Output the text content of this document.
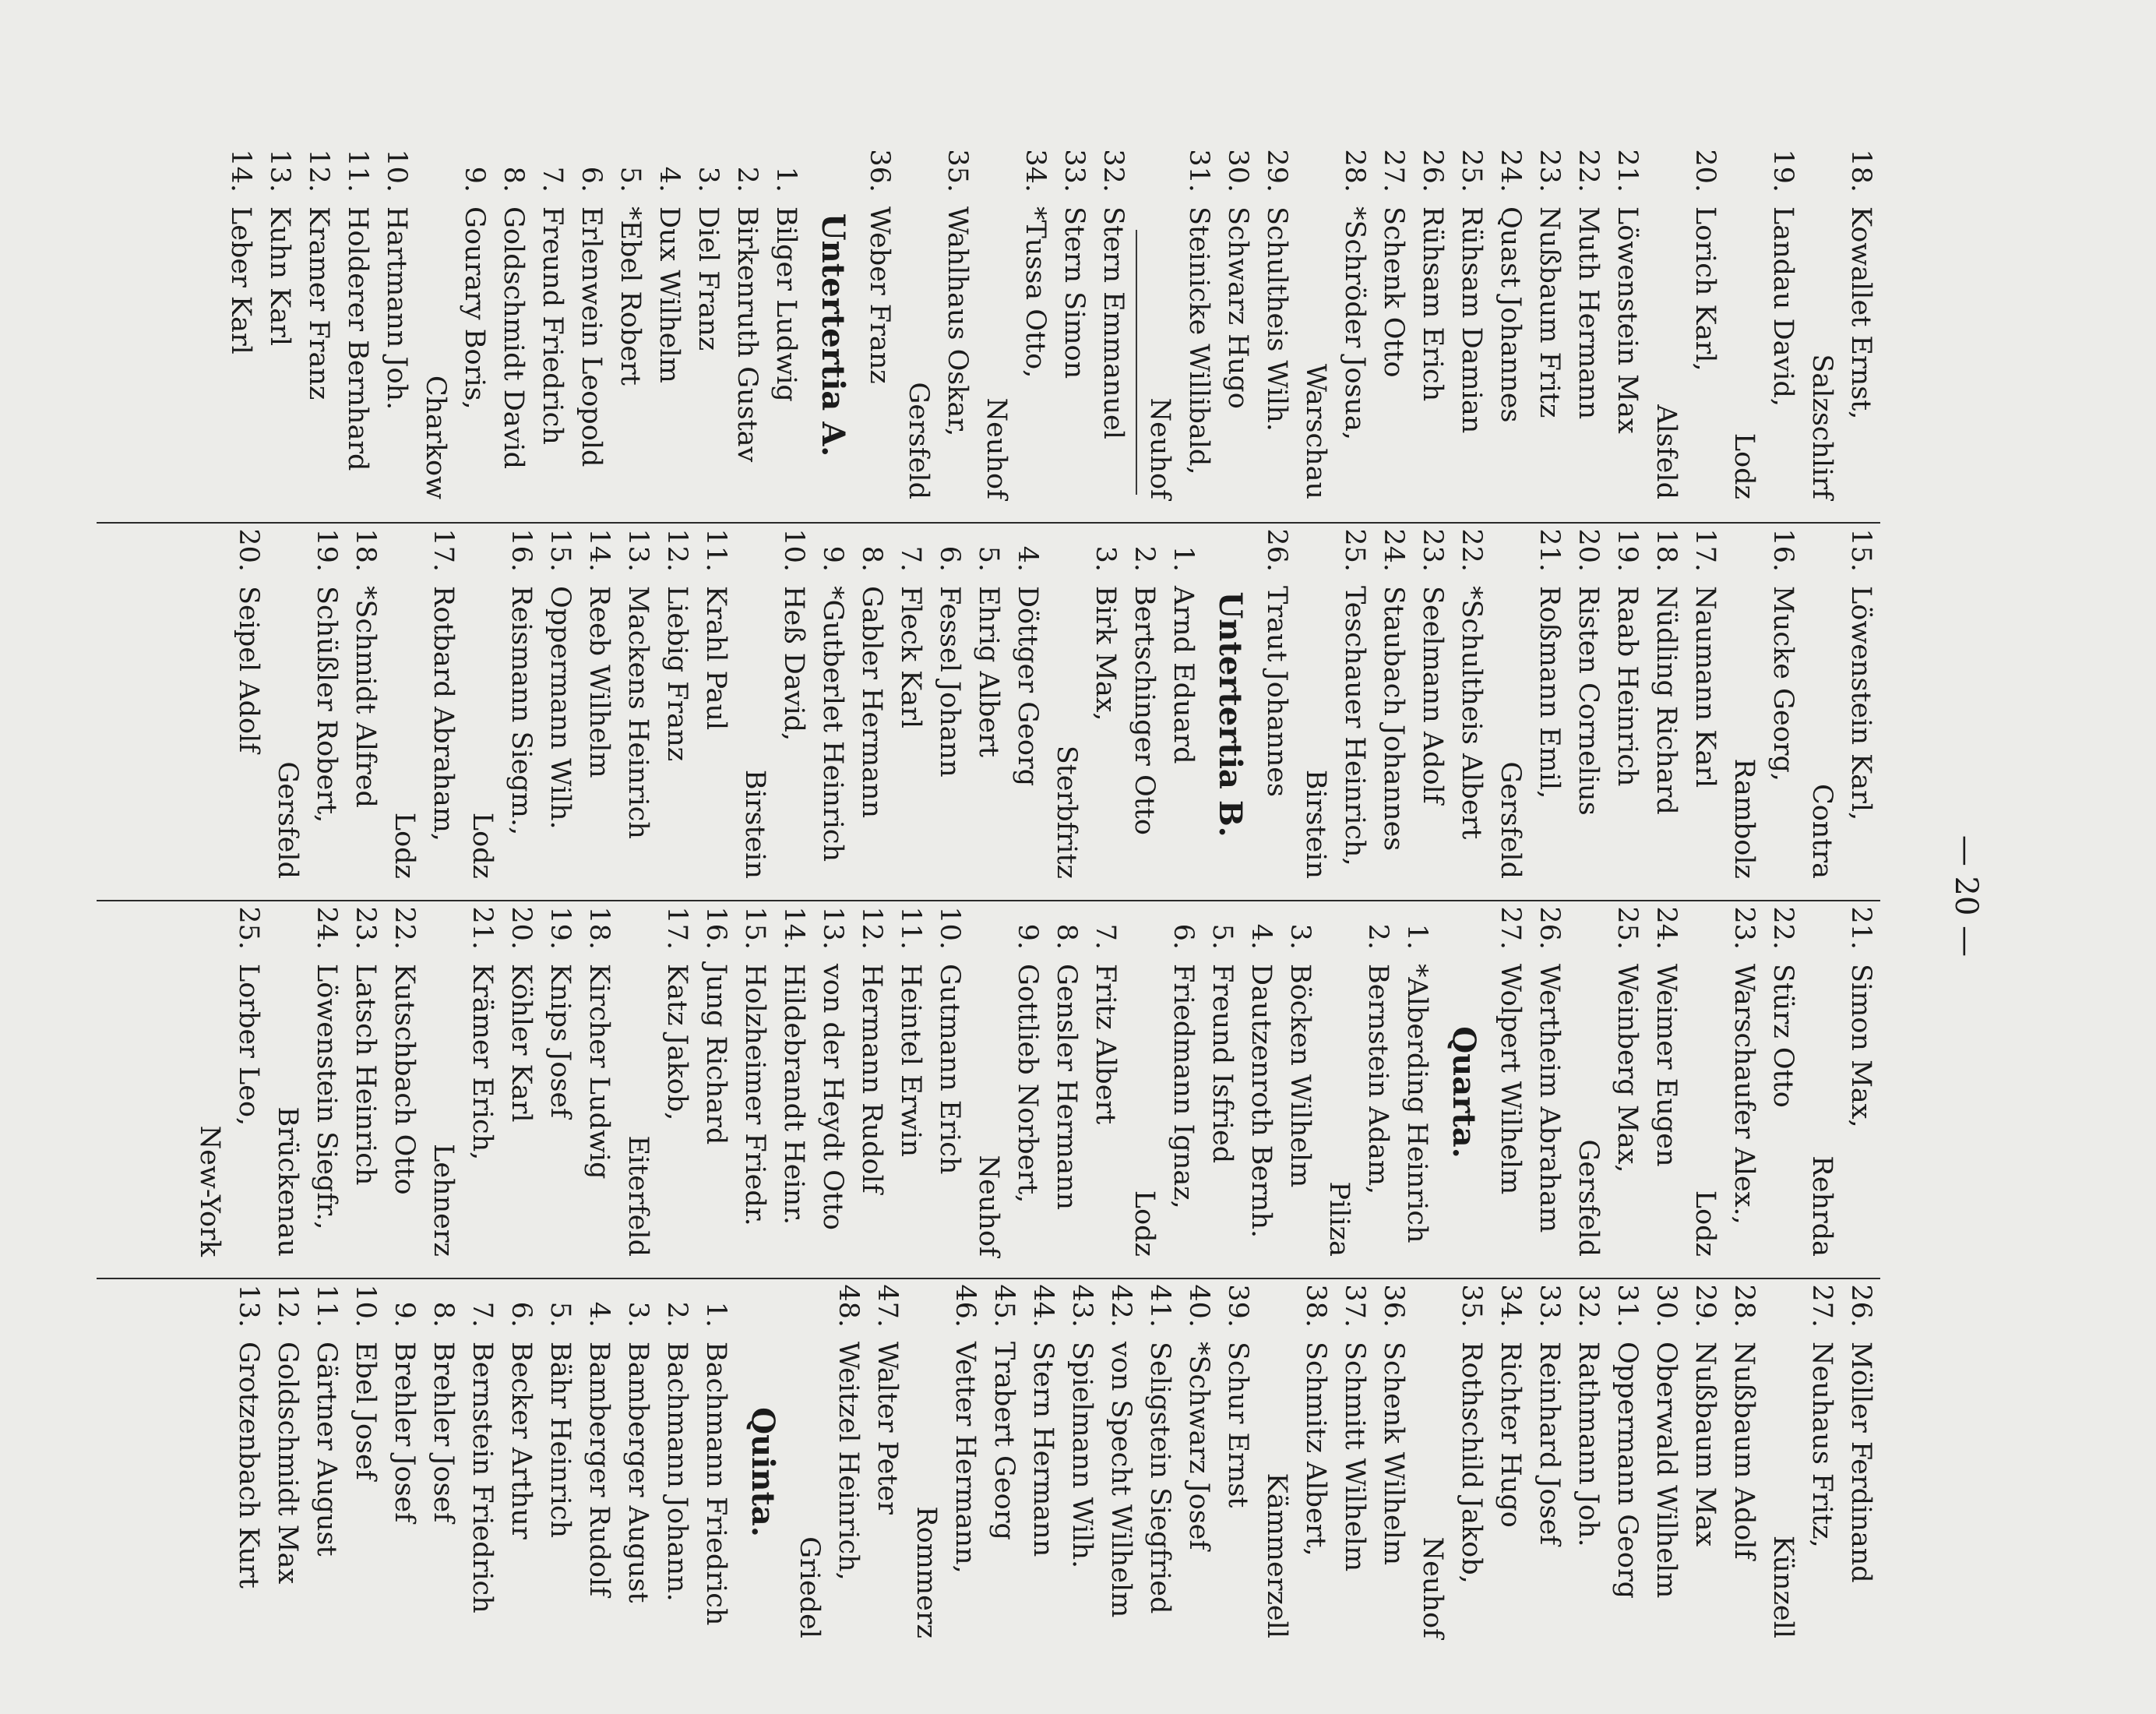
— 20 —
18.
Kowallet Ernst,
Salzschlirf
19.
Landau David,
Lodz
20.
Lorich Karl,
Alsfeld
21.
Löwenstein Max
22.
Muth Hermann
23.
Nußbaum Fritz
24.
Quast Johannes
25.
Rühsam Damian
26.
Rühsam Erich
27.
Schenk Otto
28.
*Schröder Josua,
Warschau
29.
Schultheis Wilh.
30.
Schwarz Hugo
31.
Steinicke Willibald,
Neuhof
32.
Stern Emmanuel
33.
Stern Simon
34.
*Tussa Otto,
Neuhof
35.
Wahlhaus Oskar,
Gersfeld
36.
Weber Franz
Untertertia A.
1.
Bilger Ludwig
2.
Birkenruth Gustav
3.
Diel Franz
4.
Dux Wilhelm
5.
*Ebel Robert
6.
Erlenwein Leopold
7.
Freund Friedrich
8.
Goldschmidt David
9.
Gourary Boris,
Charkow
10.
Hartmann Joh.
11.
Holderer Bernhard
12.
Kramer Franz
13.
Kuhn Karl
14.
Leber Karl
15.
Löwenstein Karl,
Contra
16.
Mucke Georg,
Rambolz
17.
Naumann Karl
18.
Nüdling Richard
19.
Raab Heinrich
20.
Risten Cornelius
21.
Roßmann Emil,
Gersfeld
22.
*Schultheis Albert
23.
Seelmann Adolf
24.
Staubach Johannes
25.
Teschauer Heinrich,
Birstein
26.
Traut Johannes
Untertertia B.
1.
Arnd Eduard
2.
Bertschinger Otto
3.
Birk Max,
Sterbfritz
4.
Döttger Georg
5.
Ehrig Albert
6.
Fessel Johann
7.
Fleck Karl
8.
Gabler Hermann
9.
*Gutberlet Heinrich
10.
Heß David,
Birstein
11.
Krahl Paul
12.
Liebig Franz
13.
Mackens Heinrich
14.
Reeb Wilhelm
15.
Oppermann Wilh.
16.
Reismann Siegm.,
Lodz
17.
Rotbard Abraham,
Lodz
18.
*Schmidt Alfred
19.
Schüßler Robert,
Gersfeld
20.
Seipel Adolf
21.
Simon Max,
Rehrda
22.
Stürz Otto
23.
Warschaufer Alex.,
Lodz
24.
Weimer Eugen
25.
Weinberg Max,
Gersfeld
26.
Wertheim Abraham
27.
Wolpert Wilhelm
Quarta.
1.
*Alberding Heinrich
2.
Bernstein Adam,
Piliza
3.
Böcken Wilhelm
4.
Dautzenroth Bernh.
5.
Freund Isfried
6.
Friedmann Ignaz,
Lodz
7.
Fritz Albert
8.
Gensler Hermann
9.
Gottlieb Norbert,
Neuhof
10.
Gutmann Erich
11.
Heintel Erwin
12.
Hermann Rudolf
13.
von der Heydt Otto
14.
Hildebrandt Heinr.
15.
Holzheimer Friedr.
16.
Jung Richard
17.
Katz Jakob,
Eiterfeld
18.
Kircher Ludwig
19.
Knips Josef
20.
Köhler Karl
21.
Krämer Erich,
Lehnerz
22.
Kutschbach Otto
23.
Latsch Heinrich
24.
Löwenstein Siegfr.,
Brückenau
25.
Lorber Leo,
New-York
26.
Möller Ferdinand
27.
Neuhaus Fritz,
Künzell
28.
Nußbaum Adolf
29.
Nußbaum Max
30.
Oberwald Wilhelm
31.
Oppermann Georg
32.
Rathmann Joh.
33.
Reinhard Josef
34.
Richter Hugo
35.
Rothschild Jakob,
Neuhof
36.
Schenk Wilhelm
37.
Schmitt Wilhelm
38.
Schmitz Albert,
Kämmerzell
39.
Schur Ernst
40.
*Schwarz Josef
41.
Seligstein Siegfried
42.
von Specht Wilhelm
43.
Spielmann Wilh.
44.
Stern Hermann
45.
Trabert Georg
46.
Vetter Hermann,
Rommerz
47.
Walter Peter
48.
Weitzel Heinrich,
Griedel
Quinta.
1.
Bachmann Friedrich
2.
Bachmann Johann.
3.
Bamberger August
4.
Bamberger Rudolf
5.
Bähr Heinrich
6.
Becker Arthur
7.
Bernstein Friedrich
8.
Brehler Josef
9.
Brehler Josef
10.
Ebel Josef
11.
Gärtner August
12.
Goldschmidt Max
13.
Grotzenbach Kurt
